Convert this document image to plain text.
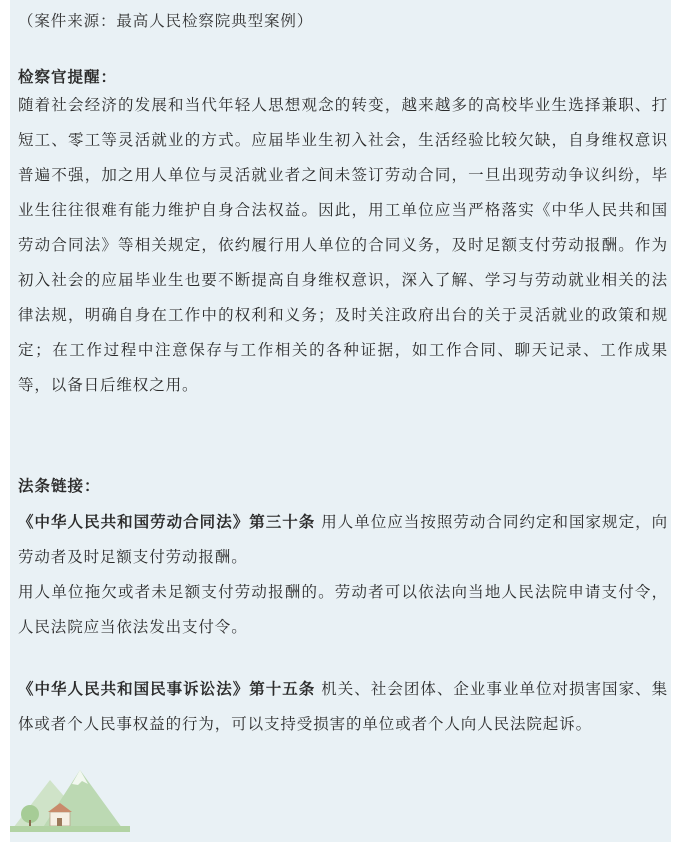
（案件来源：最高人民检察院典型案例）

检察官提醒：

随着社会经济的发展和当代年轻人思想观念的转变，越来越多的高校毕业生选择兼职、打短工、零工等灵活就业的方式。应届毕业生初入社会，生活经验比较欠缺，自身维权意识普遍不强，加之用人单位与灵活就业者之间未签订劳动合同，一旦出现劳动争议纠纷，毕业生往往很难有能力维护自身合法权益。因此，用工单位应当严格落实《中华人民共和国劳动合同法》等相关规定，依约履行用人单位的合同义务，及时足额支付劳动报酬。作为初入社会的应届毕业生也要不断提高自身维权意识，深入了解、学习与劳动就业相关的法律法规，明确自身在工作中的权利和义务；及时关注政府出台的关于灵活就业的政策和规定；在工作过程中注意保存与工作相关的各种证据，如工作合同、聊天记录、工作成果等，以备日后维权之用。

法条链接：

《中华人民共和国劳动合同法》第三十条 用人单位应当按照劳动合同约定和国家规定，向劳动者及时足额支付劳动报酬。

用人单位拖欠或者未足额支付劳动报酬的。劳动者可以依法向当地人民法院申请支付令，人民法院应当依法发出支付令。

《中华人民共和国民事诉讼法》第十五条 机关、社会团体、企业事业单位对损害国家、集体或者个人民事权益的行为，可以支持受损害的单位或者个人向人民法院起诉。
